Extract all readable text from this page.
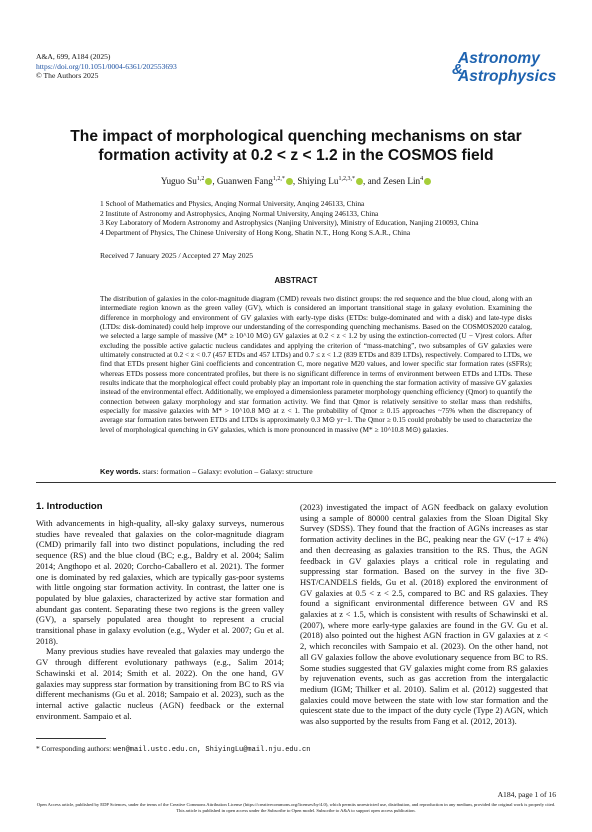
A&A, 699, A184 (2025)
https://doi.org/10.1051/0004-6361/202553693
© The Authors 2025
Astronomy
&
Astrophysics
The impact of morphological quenching mechanisms on star
formation activity at 0.2 < z < 1.2 in the COSMOS field
Yuguo Su$^{1,2}$ , Guanwen Fang$^{1,2,*}$ , Shiying $Lu^{1,2,3,*}$ , and Zesen Lin$^4$
1 School of Mathematics and Physics, Anqing Normal University, Anqing 246133, China
2 Institute of Astronomy and Astrophysics, Anqing Normal University, Anqing 246133, China
3 Key Laboratory of Modern Astronomy and Astrophysics (Nanjing University), Ministry of Education, Nanjing 210093, China
4 Department of Physics, The Chinese University of Hong Kong, Shatin N.T., Hong Kong S.A.R., China
Received 7 January 2025 / Accepted 27 May 2025
ABSTRACT
The distribution of galaxies in the color-magnitude diagram (CMD) reveals two distinct groups: the red sequence and the blue cloud, along with an intermediate region known as the green valley (GV), which is considered an important transitional stage in galaxy evolution. Examining the difference in morphology and environment of GV galaxies with early-type disks (ETDs: bulge-dominated and with a disk) and late-type disks (LTDs: disk-dominated) could help improve our understanding of the corresponding quenching mechanisms. Based on the COSMOS2020 catalog, we selected a large sample of massive (M* ≥ 10^10 M⊙) GV galaxies at 0.2 < z < 1.2 by using the extinction-corrected (U − V)rest colors. After excluding the possible active galactic nucleus candidates and applying the criterion of “mass-matching”, two subsamples of GV galaxies were ultimately constructed at 0.2 < z < 0.7 (457 ETDs and 457 LTDs) and 0.7 ≤ z < 1.2 (839 ETDs and 839 LTDs), respectively. Compared to LTDs, we find that ETDs present higher Gini coefficients and concentration C, more negative M20 values, and lower specific star formation rates (sSFRs); whereas ETDs possess more concentrated profiles, but there is no significant difference in terms of environment between ETDs and LTDs. These results indicate that the morphological effect could probably play an important role in quenching the star formation activity of massive GV galaxies instead of the environmental effect. Additionally, we employed a dimensionless parameter morphology quenching efficiency (Qmor) to quantify the connection between galaxy morphology and star formation activity. We find that Qmor is relatively sensitive to stellar mass than redshifts, especially for massive galaxies with M* > 10^10.8 M⊙ at z < 1. The probability of Qmor ≥ 0.15 approaches ~75% when the discrepancy of average star formation rates between ETDs and LTDs is approximately 0.3 M⊙ yr−1. The Qmor ≥ 0.15 could probably be used to characterize the level of morphological quenching in GV galaxies, which is more pronounced in massive (M* ≥ 10^10.8 M⊙) galaxies.
Key words. stars: formation – Galaxy: evolution – Galaxy: structure
1. Introduction

With advancements in high-quality, all-sky galaxy surveys, numerous studies have revealed that galaxies on the color-magnitude diagram (CMD) primarily fall into two distinct populations, including the red sequence (RS) and the blue cloud (BC; e.g., Baldry et al. 2004; Salim 2014; Angthopo et al. 2020; Corcho-Caballero et al. 2021). The former one is dominated by red galaxies, which are typically gas-poor systems with little ongoing star formation activity. In contrast, the latter one is populated by blue galaxies, characterized by active star formation and abundant gas content. Separating these two regions is the green valley (GV), a sparsely populated area thought to represent a crucial transitional phase in galaxy evolution (e.g., Wyder et al. 2007; Gu et al. 2018).

Many previous studies have revealed that galaxies may undergo the GV through different evolutionary pathways (e.g., Salim 2014; Schawinski et al. 2014; Smith et al. 2022). On the one hand, GV galaxies may suppress star formation by transitioning from BC to RS via different mechanisms (Gu et al. 2018; Sampaio et al. 2023), such as the internal active galactic nucleus (AGN) feedback or the external environment. Sampaio et al.

(2023) investigated the impact of AGN feedback on galaxy evolution using a sample of 80000 central galaxies from the Sloan Digital Sky Survey (SDSS). They found that the fraction of AGNs increases as star formation activity declines in the BC, peaking near the GV (~17 ± 4%) and then decreasing as galaxies transition to the RS. Thus, the AGN feedback in GV galaxies plays a critical role in regulating and suppressing star formation. Based on the survey in the five 3D-HST/CANDELS fields, Gu et al. (2018) explored the environment of GV galaxies at 0.5 < z < 2.5, compared to BC and RS galaxies. They found a significant environmental difference between GV and RS galaxies at z < 1.5, which is consistent with results of Schawinski et al. (2007), where more early-type galaxies are found in the GV. Gu et al. (2018) also pointed out the highest AGN fraction in GV galaxies at z < 2, which reconciles with Sampaio et al. (2023). On the other hand, not all GV galaxies follow the above evolutionary sequence from BC to RS. Some studies suggested that GV galaxies might come from RS galaxies by rejuvenation events, such as gas accretion from the intergalactic medium (IGM; Thilker et al. 2010). Salim et al. (2012) suggested that galaxies could move between the state with low star formation and the quiescent state due to the impact of the duty cycle (Type 2) AGN, which was also supported by the results from Fang et al. (2012, 2013).

* Corresponding authors: wen@mail.ustc.edu.cn, ShiyingLu@mail.nju.edu.cn
A184, page 1 of 16
Open Access article, published by EDP Sciences, under the terms of the Creative Commons Attribution License (https://creativecommons.org/licenses/by/4.0), which permits unrestricted use, distribution, and reproduction in any medium, provided the original work is properly cited.
This article is published in open access under the Subscribe to Open model. Subscribe to A&A to support open access publication.
